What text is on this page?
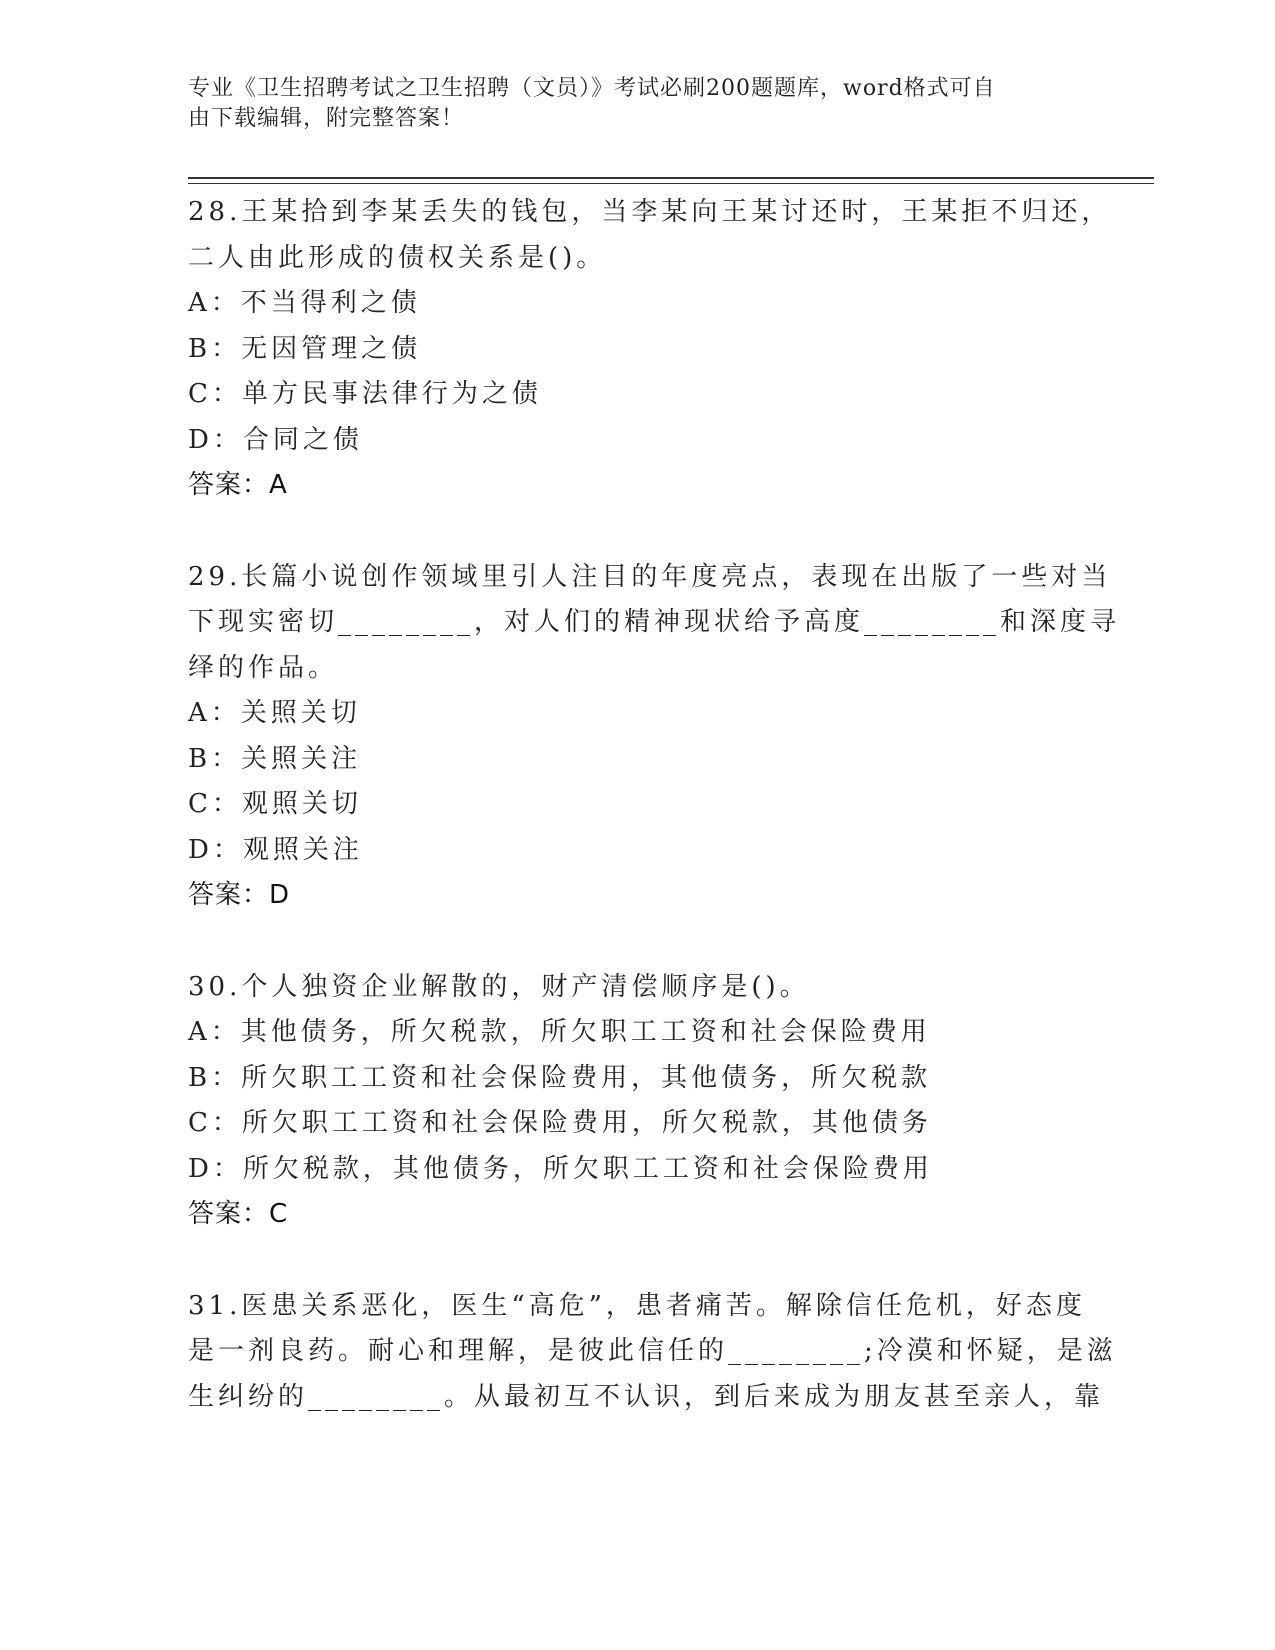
专业《卫生招聘考试之卫生招聘（文员）》考试必刷200题题库，word格式可自
由下载编辑，附完整答案！
28.王某拾到李某丢失的钱包，当李某向王某讨还时，王某拒不归还，
二人由此形成的债权关系是()。
A：不当得利之债
B：无因管理之债
C：单方民事法律行为之债
D：合同之债
答案：A
29.长篇小说创作领域里引人注目的年度亮点，表现在出版了一些对当
下现实密切________，对人们的精神现状给予高度________和深度寻
绎的作品。
A：关照关切
B：关照关注
C：观照关切
D：观照关注
答案：D
30.个人独资企业解散的，财产清偿顺序是()。
A：其他债务，所欠税款，所欠职工工资和社会保险费用
B：所欠职工工资和社会保险费用，其他债务，所欠税款
C：所欠职工工资和社会保险费用，所欠税款，其他债务
D：所欠税款，其他债务，所欠职工工资和社会保险费用
答案：C
31.医患关系恶化，医生“高危”，患者痛苦。解除信任危机，好态度
是一剂良药。耐心和理解，是彼此信任的________;冷漠和怀疑，是滋
生纠纷的________。从最初互不认识，到后来成为朋友甚至亲人，靠
